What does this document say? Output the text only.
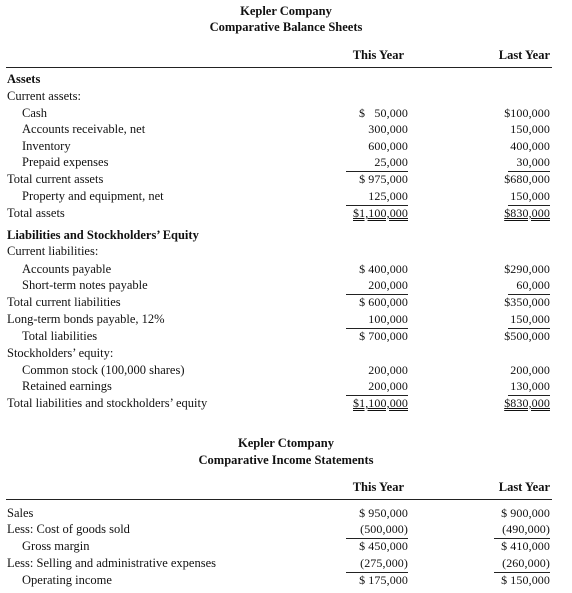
Kepler Company
Comparative Balance Sheets
This Year	Last Year
Assets
Current assets:
Cash	$   50,000	$100,000
Accounts receivable, net	300,000	150,000
Inventory	600,000	400,000
Prepaid expenses	25,000	30,000
Total current assets	$ 975,000	$680,000
Property and equipment, net	125,000	150,000
Total assets	$1,100,000	$830,000
Liabilities and Stockholders’ Equity
Current liabilities:
Accounts payable	$ 400,000	$290,000
Short-term notes payable	200,000	60,000
Total current liabilities	$ 600,000	$350,000
Long-term bonds payable, 12%	100,000	150,000
Total liabilities	$ 700,000	$500,000
Stockholders’ equity:
Common stock (100,000 shares)	200,000	200,000
Retained earnings	200,000	130,000
Total liabilities and stockholders’ equity	$1,100,000	$830,000
Kepler Ctompany
Comparative Income Statements
This Year	Last Year
Sales	$ 950,000	$ 900,000
Less: Cost of goods sold	(500,000)	(490,000)
Gross margin	$ 450,000	$ 410,000
Less: Selling and administrative expenses	(275,000)	(260,000)
Operating income	$ 175,000	$ 150,000
